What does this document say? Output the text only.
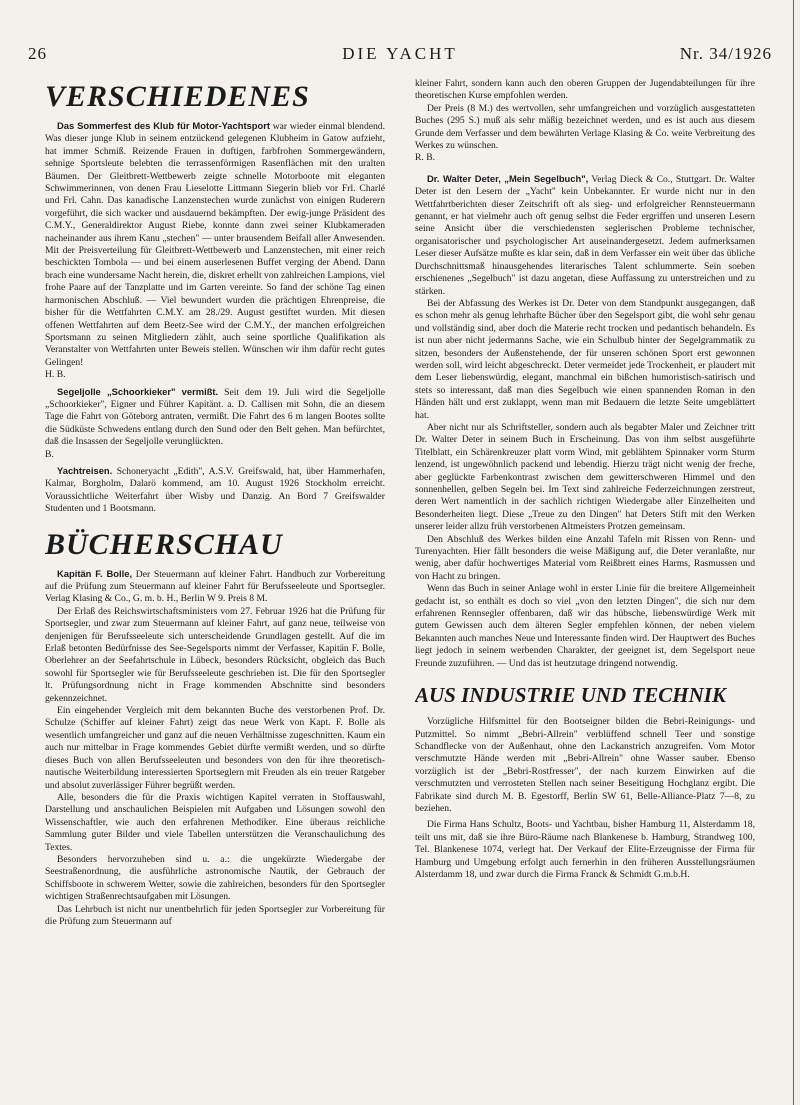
26	DIE YACHT	Nr. 34/1926
VERSCHIEDENES

Das Sommerfest des Klub für Motor-Yachtsport war wieder einmal blendend. Was dieser junge Klub in seinem entzückend gelegenen Klubheim in Gatow aufzieht, hat immer Schmiß. Reizende Frauen in duftigen, farbfrohen Sommergewändern, sehnige Sportsleute belebten die terrassenförmigen Rasenflächen mit den uralten Bäumen. Der Gleitbrett-Wettbewerb zeigte schnelle Motorboote mit eleganten Schwimmerinnen, von denen Frau Lieselotte Littmann Siegerin blieb vor Frl. Charlé und Frl. Cahn. Das kanadische Lanzenstechen wurde zunächst von einigen Ruderern vorgeführt, die sich wacker und ausdauernd bekämpften. Der ewig-junge Präsident des C.M.Y., Generaldirektor August Riebe, konnte dann zwei seiner Klubkameraden nacheinander aus ihrem Kanu „stechen" — unter brausendem Beifall aller Anwesenden. Mit der Preisverteilung für Gleitbrett-Wettbewerb und Lanzenstechen, mit einer reich beschickten Tombola — und bei einem auserlesenen Buffet verging der Abend. Dann brach eine wundersame Nacht herein, die, diskret erhellt von zahlreichen Lampions, viel frohe Paare auf der Tanzplatte und im Garten vereinte. So fand der schöne Tag einen harmonischen Abschluß. — Viel bewundert wurden die prächtigen Ehrenpreise, die bisher für die Wettfahrten C.M.Y. am 28./29. August gestiftet wurden. Mit diesen offenen Wettfahrten auf dem Beetz-See wird der C.M.Y., der manchen erfolgreichen Sportsmann zu seinen Mitgliedern zählt, auch seine sportliche Qualifikation als Veranstalter von Wettfahrten unter Beweis stellen. Wünschen wir ihm dafür recht gutes Gelingen!

H. B.

Segeljolle „Schoorkieker" vermißt. Seit dem 19. Juli wird die Segeljolle „Schoorkieker", Eigner und Führer Kapitänt. a. D. Callisen mit Sohn, die an diesem Tage die Fahrt von Göteborg antraten, vermißt. Die Fahrt des 6 m langen Bootes sollte die Südküste Schwedens entlang durch den Sund oder den Belt gehen. Man befürchtet, daß die Insassen der Segeljolle verunglückten.

B.

Yachtreisen. Schoneryacht „Edith", A.S.V. Greifswald, hat, über Hammerhafen, Kalmar, Borgholm, Dalarö kommend, am 10. August 1926 Stockholm erreicht. Voraussichtliche Weiterfahrt über Wisby und Danzig. An Bord 7 Greifswalder Studenten und 1 Bootsmann.

BÜCHERSCHAU

Kapitän F. Bolle, Der Steuermann auf kleiner Fahrt. Handbuch zur Vorbereitung auf die Prüfung zum Steuermann auf kleiner Fahrt für Berufsseeleute und Sportsegler. Verlag Klasing & Co., G. m. b. H., Berlin W 9. Preis 8 M.

Der Erlaß des Reichswirtschaftsministers vom 27. Februar 1926 hat die Prüfung für Sportsegler, und zwar zum Steuermann auf kleiner Fahrt, auf ganz neue, teilweise von denjenigen für Berufsseeleute sich unterscheidende Grundlagen gestellt. Auf die im Erlaß betonten Bedürfnisse des See-Segelsports nimmt der Verfasser, Kapitän F. Bolle, Oberlehrer an der Seefahrtschule in Lübeck, besonders Rücksicht, obgleich das Buch sowohl für Sportsegler wie für Berufsseeleute geschrieben ist. Die für den Sportsegler lt. Prüfungsordnung nicht in Frage kommenden Abschnitte sind besonders gekennzeichnet.

Ein eingehender Vergleich mit dem bekannten Buche des verstorbenen Prof. Dr. Schulze (Schiffer auf kleiner Fahrt) zeigt das neue Werk von Kapt. F. Bolle als wesentlich umfangreicher und ganz auf die neuen Verhältnisse zugeschnitten. Kaum ein auch nur mittelbar in Frage kommendes Gebiet dürfte vermißt werden, und so dürfte dieses Buch von allen Berufsseeleuten und besonders von den für ihre theoretisch-nautische Weiterbildung interessierten Sportseglern mit Freuden als ein treuer Ratgeber und absolut zuverlässiger Führer begrüßt werden.

Alle, besonders die für die Praxis wichtigen Kapitel verraten in Stoffauswahl, Darstellung und anschaulichen Beispielen mit Aufgaben und Lösungen sowohl den Wissenschaftler, wie auch den erfahrenen Methodiker. Eine überaus reichliche Sammlung guter Bilder und viele Tabellen unterstützen die Veranschaulichung des Textes.

Besonders hervorzuheben sind u. a.: die ungekürzte Wiedergabe der Seestraßenordnung, die ausführliche astronomische Nautik, der Gebrauch der Schiffsboote in schwerem Wetter, sowie die zahlreichen, besonders für den Sportsegler wichtigen Straßenrechtsaufgaben mit Lösungen.

Das Lehrbuch ist nicht nur unentbehrlich für jeden Sportsegler zur Vorbereitung für die Prüfung zum Steuermann auf

kleiner Fahrt, sondern kann auch den oberen Gruppen der Jugendabteilungen für ihre theoretischen Kurse empfohlen werden.

Der Preis (8 M.) des wertvollen, sehr umfangreichen und vorzüglich ausgestatteten Buches (295 S.) muß als sehr mäßig bezeichnet werden, und es ist auch aus diesem Grunde dem Verfasser und dem bewährten Verlage Klasing & Co. weite Verbreitung des Werkes zu wünschen.

R. B.

Dr. Walter Deter, „Mein Segelbuch", Verlag Dieck & Co., Stuttgart. Dr. Walter Deter ist den Lesern der „Yacht" kein Unbekannter. Er wurde nicht nur in den Wettfahrtberichten dieser Zeitschrift oft als sieg- und erfolgreicher Rennsteuermann genannt, er hat vielmehr auch oft genug selbst die Feder ergriffen und unseren Lesern seine Ansicht über die verschiedensten seglerischen Probleme technischer, organisatorischer und psychologischer Art auseinandergesetzt. Jedem aufmerksamen Leser dieser Aufsätze mußte es klar sein, daß in dem Verfasser ein weit über das übliche Durchschnittsmaß hinausgehendes literarisches Talent schlummerte. Sein soeben erschienenes „Segelbuch" ist dazu angetan, diese Auffassung zu unterstreichen und zu stärken.

Bei der Abfassung des Werkes ist Dr. Deter von dem Standpunkt ausgegangen, daß es schon mehr als genug lehrhafte Bücher über den Segelsport gibt, die wohl sehr genau und vollständig sind, aber doch die Materie recht trocken und pedantisch behandeln. Es ist nun aber nicht jedermanns Sache, wie ein Schulbub hinter der Segelgrammatik zu sitzen, besonders der Außenstehende, der für unseren schönen Sport erst gewonnen werden soll, wird leicht abgeschreckt. Deter vermeidet jede Trockenheit, er plaudert mit dem Leser liebenswürdig, elegant, manchmal ein bißchen humoristisch-satirisch und stets so interessant, daß man dies Segelbuch wie einen spannenden Roman in den Händen hält und erst zuklappt, wenn man mit Bedauern die letzte Seite umgeblättert hat.

Aber nicht nur als Schriftsteller, sondern auch als begabter Maler und Zeichner tritt Dr. Walter Deter in seinem Buch in Erscheinung. Das von ihm selbst ausgeführte Titelblatt, ein Schärenkreuzer platt vorm Wind, mit geblähtem Spinnaker vorm Sturm lenzend, ist ungewöhnlich packend und lebendig. Hierzu trägt nicht wenig der freche, aber geglückte Farbenkontrast zwischen dem gewitterschweren Himmel und den sonnenhellen, gelben Segeln bei. Im Text sind zahlreiche Federzeichnungen zerstreut, deren Wert namentlich in der sachlich richtigen Wiedergabe aller Einzelheiten und Besonderheiten liegt. Diese „Treue zu den Dingen" hat Deters Stift mit den Werken unserer leider allzu früh verstorbenen Altmeisters Protzen gemeinsam.

Den Abschluß des Werkes bilden eine Anzahl Tafeln mit Rissen von Renn- und Turenyachten. Hier fällt besonders die weise Mäßigung auf, die Deter veranlaßte, nur wenig, aber dafür hochwertiges Material vom Reißbrett eines Harms, Rasmussen und von Hacht zu bringen.

Wenn das Buch in seiner Anlage wohl in erster Linie für die breitere Allgemeinheit gedacht ist, so enthält es doch so viel „von den letzten Dingen", die sich nur dem erfahrenen Rennsegler offenbaren, daß wir das hübsche, liebenswürdige Werk mit gutem Gewissen auch dem älteren Segler empfehlen können, der neben vielem Bekannten auch manches Neue und Interessante finden wird. Der Hauptwert des Buches liegt jedoch in seinem werbenden Charakter, der geeignet ist, dem Segelsport neue Freunde zuzuführen. — Und das ist heutzutage dringend notwendig.

AUS INDUSTRIE UND TECHNIK

Vorzügliche Hilfsmittel für den Bootseigner bilden die Bebri-Reinigungs- und Putzmittel. So nimmt „Bebri-Allrein" verblüffend schnell Teer und sonstige Schandflecke von der Außenhaut, ohne den Lackanstrich anzugreifen. Vom Motor verschmutzte Hände werden mit „Bebri-Allrein" ohne Wasser sauber. Ebenso vorzüglich ist der „Bebri-Rostfresser", der nach kurzem Einwirken auf die verschmutzten und verrosteten Stellen nach seiner Beseitigung Hochglanz ergibt. Die Fabrikate sind durch M. B. Egestorff, Berlin SW 61, Belle-Alliance-Platz 7—8, zu beziehen.

Die Firma Hans Schultz, Boots- und Yachtbau, bisher Hamburg 11, Alsterdamm 18, teilt uns mit, daß sie ihre Büro-Räume nach Blankenese b. Hamburg, Strandweg 100, Tel. Blankenese 1074, verlegt hat. Der Verkauf der Elite-Erzeugnisse der Firma für Hamburg und Umgebung erfolgt auch fernerhin in den früheren Ausstellungsräumen Alsterdamm 18, und zwar durch die Firma Franck & Schmidt G.m.b.H.
